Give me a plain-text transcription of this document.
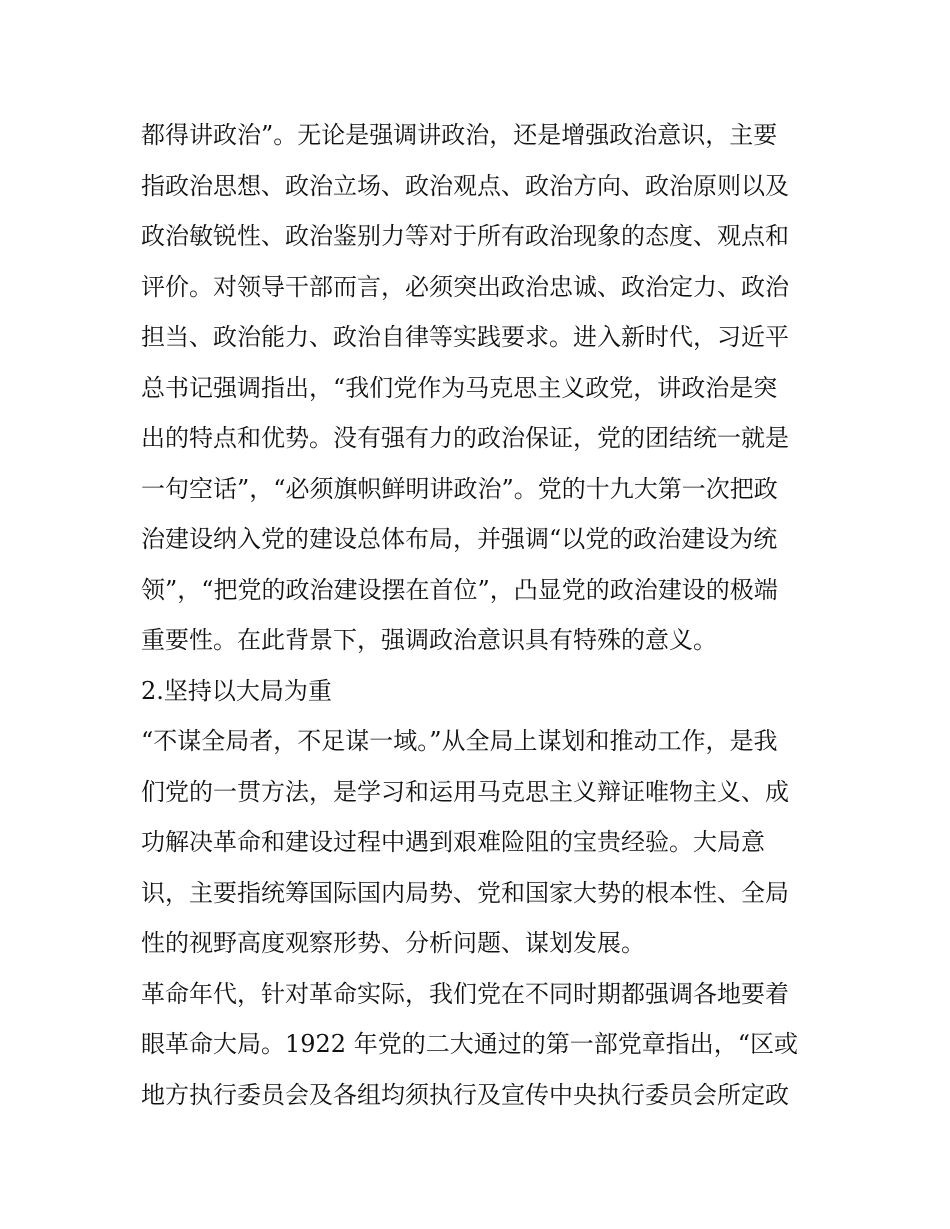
都得讲政治”。无论是强调讲政治，还是增强政治意识，主要
指政治思想、政治立场、政治观点、政治方向、政治原则以及
政治敏锐性、政治鉴别力等对于所有政治现象的态度、观点和
评价。对领导干部而言，必须突出政治忠诚、政治定力、政治
担当、政治能力、政治自律等实践要求。进入新时代，习近平
总书记强调指出，“我们党作为马克思主义政党，讲政治是突
出的特点和优势。没有强有力的政治保证，党的团结统一就是
一句空话”，“必须旗帜鲜明讲政治”。党的十九大第一次把政
治建设纳入党的建设总体布局，并强调“以党的政治建设为统
领”，“把党的政治建设摆在首位”，凸显党的政治建设的极端
重要性。在此背景下，强调政治意识具有特殊的意义。
2.坚持以大局为重
“不谋全局者，不足谋一域。”从全局上谋划和推动工作，是我
们党的一贯方法，是学习和运用马克思主义辩证唯物主义、成
功解决革命和建设过程中遇到艰难险阻的宝贵经验。大局意
识，主要指统筹国际国内局势、党和国家大势的根本性、全局
性的视野高度观察形势、分析问题、谋划发展。
革命年代，针对革命实际，我们党在不同时期都强调各地要着
眼革命大局。1922 年党的二大通过的第一部党章指出，“区或
地方执行委员会及各组均须执行及宣传中央执行委员会所定政
